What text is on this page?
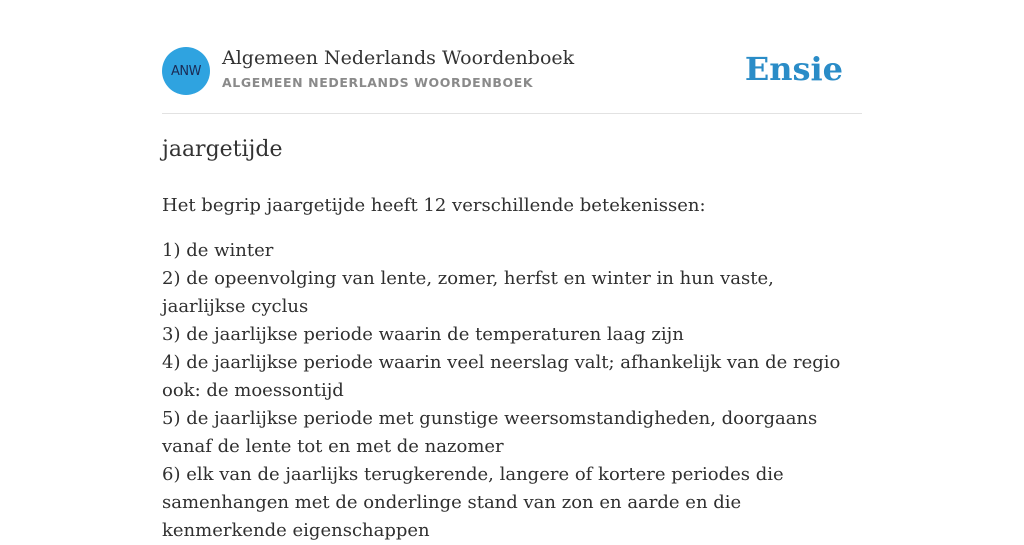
ANW
Algemeen Nederlands Woordenboek
ALGEMEEN NEDERLANDS WOORDENBOEK	Ensie
jaargetijde

Het begrip jaargetijde heeft 12 verschillende betekenissen:

1) de winter
2) de opeenvolging van lente, zomer, herfst en winter in hun vaste, jaarlijkse cyclus
3) de jaarlijkse periode waarin de temperaturen laag zijn
4) de jaarlijkse periode waarin veel neerslag valt; afhankelijk van de regio ook: de moessontijd
5) de jaarlijkse periode met gunstige weersomstandigheden, doorgaans vanaf de lente tot en met de nazomer
6) elk van de jaarlijks terugkerende, langere of kortere periodes die samenhangen met de onderlinge stand van zon en aarde en die kenmerkende eigenschappen
